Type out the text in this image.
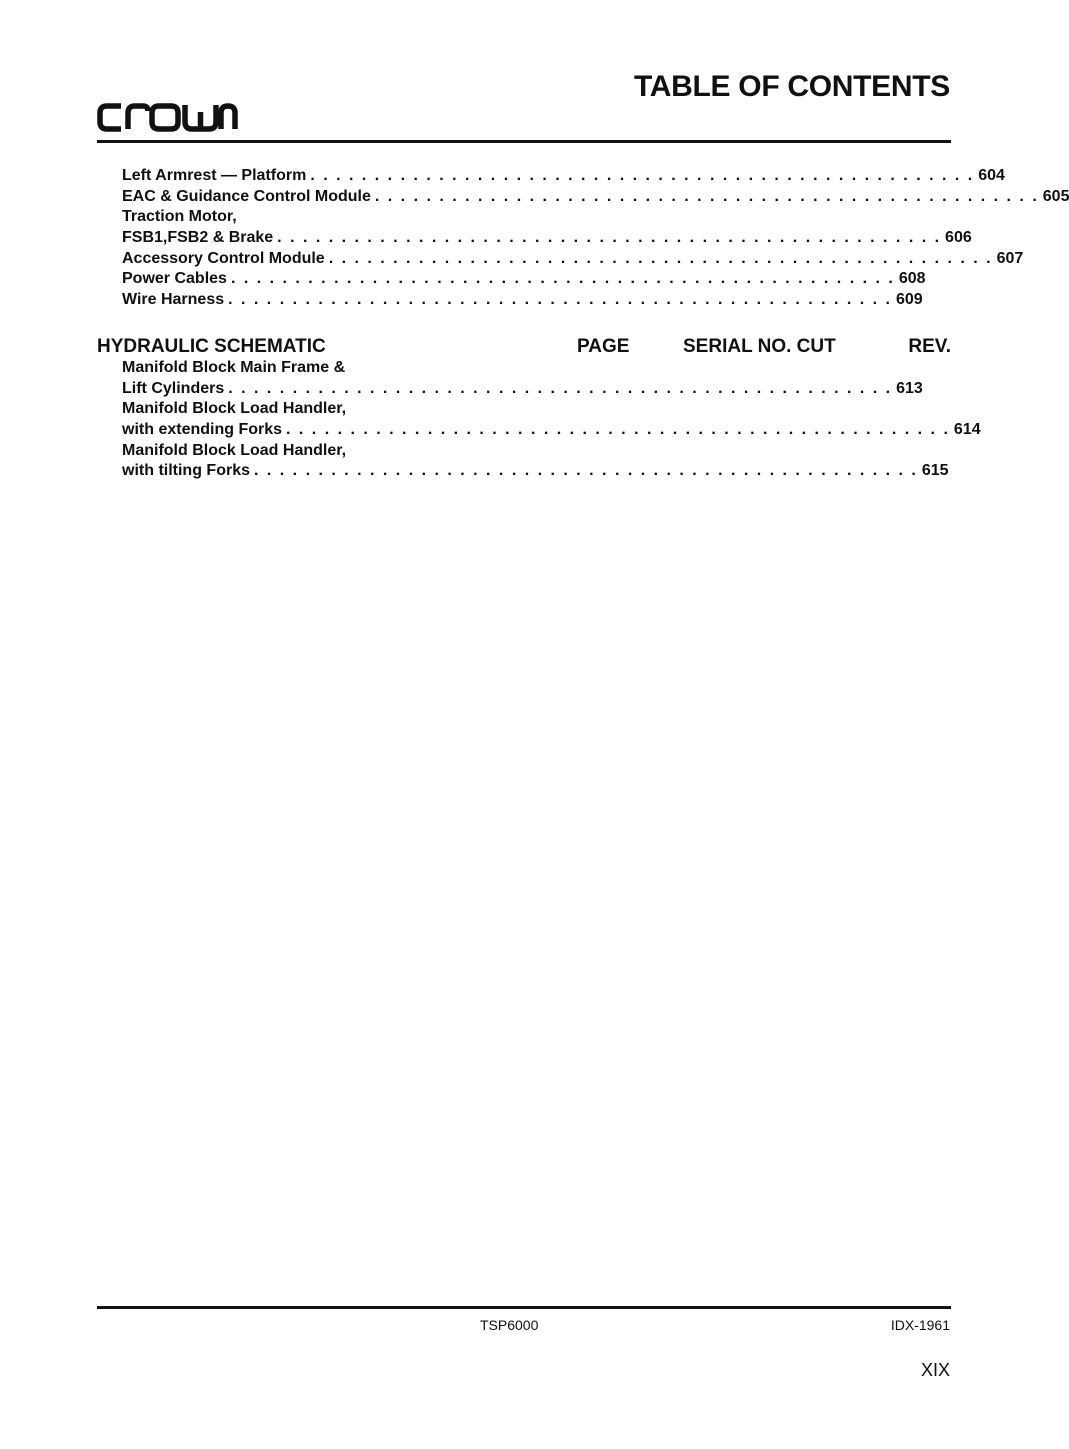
TABLE OF CONTENTS
Left Armrest — Platform . . . . . . . . . . . . . . . . . . . . . . . . . . . . . . . . . . . . . . . . . . . . . . . . . . . . 604
EAC & Guidance Control Module . . . . . . . . . . . . . . . . . . . . . . . . . . . . . . . . . . . . . . . . . . . . . . . . . . . . 605
Traction Motor,
FSB1,FSB2 & Brake . . . . . . . . . . . . . . . . . . . . . . . . . . . . . . . . . . . . . . . . . . . . . . . . . . . . 606
Accessory Control Module . . . . . . . . . . . . . . . . . . . . . . . . . . . . . . . . . . . . . . . . . . . . . . . . . . . . 607
Power Cables . . . . . . . . . . . . . . . . . . . . . . . . . . . . . . . . . . . . . . . . . . . . . . . . . . . . 608
Wire Harness . . . . . . . . . . . . . . . . . . . . . . . . . . . . . . . . . . . . . . . . . . . . . . . . . . . . 609
HYDRAULIC SCHEMATIC	PAGE	SERIAL NO. CUT	REV.
Manifold Block Main Frame &
Lift Cylinders . . . . . . . . . . . . . . . . . . . . . . . . . . . . . . . . . . . . . . . . . . . . . . . . . . . . 613
Manifold Block Load Handler,
with extending Forks . . . . . . . . . . . . . . . . . . . . . . . . . . . . . . . . . . . . . . . . . . . . . . . . . . . . 614
Manifold Block Load Handler,
with tilting Forks . . . . . . . . . . . . . . . . . . . . . . . . . . . . . . . . . . . . . . . . . . . . . . . . . . . . 615
TSP6000	IDX-1961
XIX
